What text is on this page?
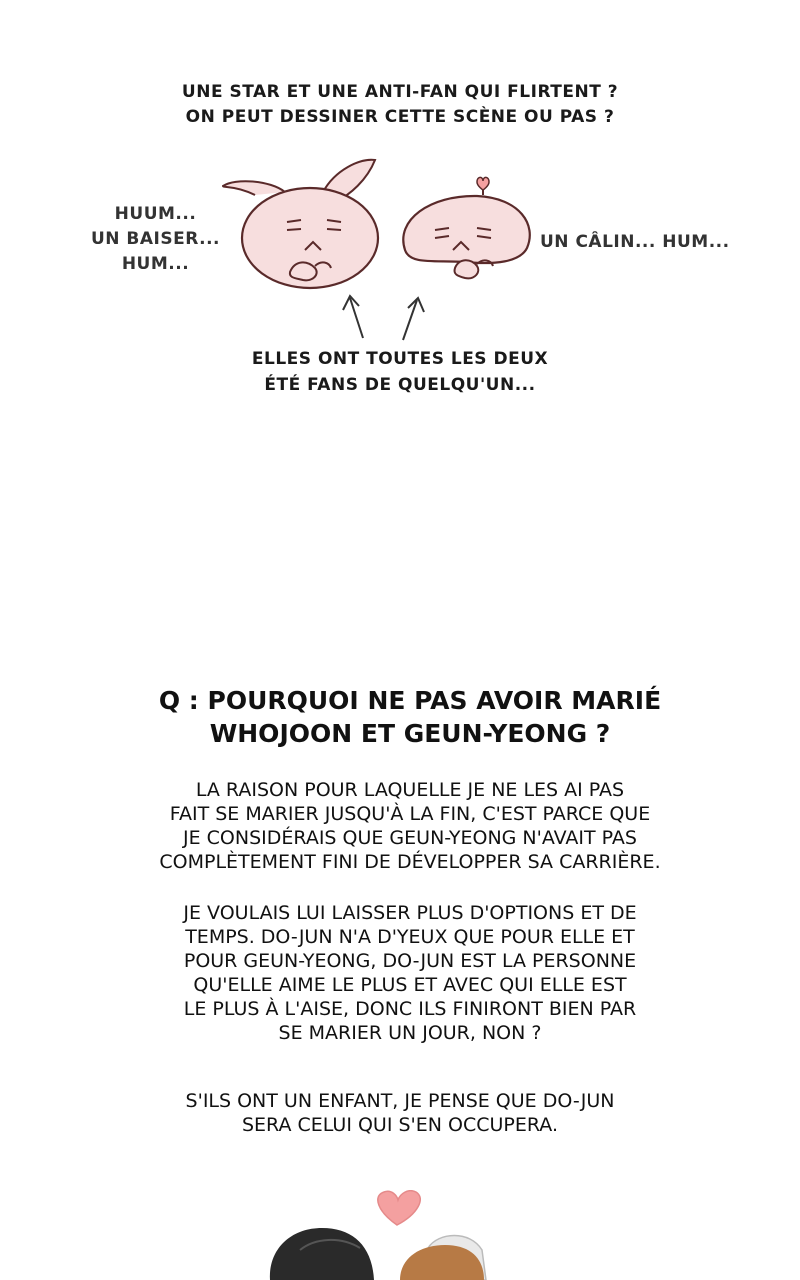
UNE STAR ET UNE ANTI-FAN QUI FLIRTENT ?
ON PEUT DESSINER CETTE SCÈNE OU PAS ?
HUUM...
UN BAISER...
HUM...
UN CÂLIN... HUM...
ELLES ONT TOUTES LES DEUX
ÉTÉ FANS DE QUELQU'UN...
Q : POURQUOI NE PAS AVOIR MARIÉ
WHOJOON ET GEUN-YEONG ?
LA RAISON POUR LAQUELLE JE NE LES AI PAS
FAIT SE MARIER JUSQU'À LA FIN, C'EST PARCE QUE
JE CONSIDÉRAIS QUE GEUN-YEONG N'AVAIT PAS
COMPLÈTEMENT FINI DE DÉVELOPPER SA CARRIÈRE.
JE VOULAIS LUI LAISSER PLUS D'OPTIONS ET DE
TEMPS. DO-JUN N'A D'YEUX QUE POUR ELLE ET
POUR GEUN-YEONG, DO-JUN EST LA PERSONNE
QU'ELLE AIME LE PLUS ET AVEC QUI ELLE EST
LE PLUS À L'AISE, DONC ILS FINIRONT BIEN PAR
SE MARIER UN JOUR, NON ?
S'ILS ONT UN ENFANT, JE PENSE QUE DO-JUN
SERA CELUI QUI S'EN OCCUPERA.
